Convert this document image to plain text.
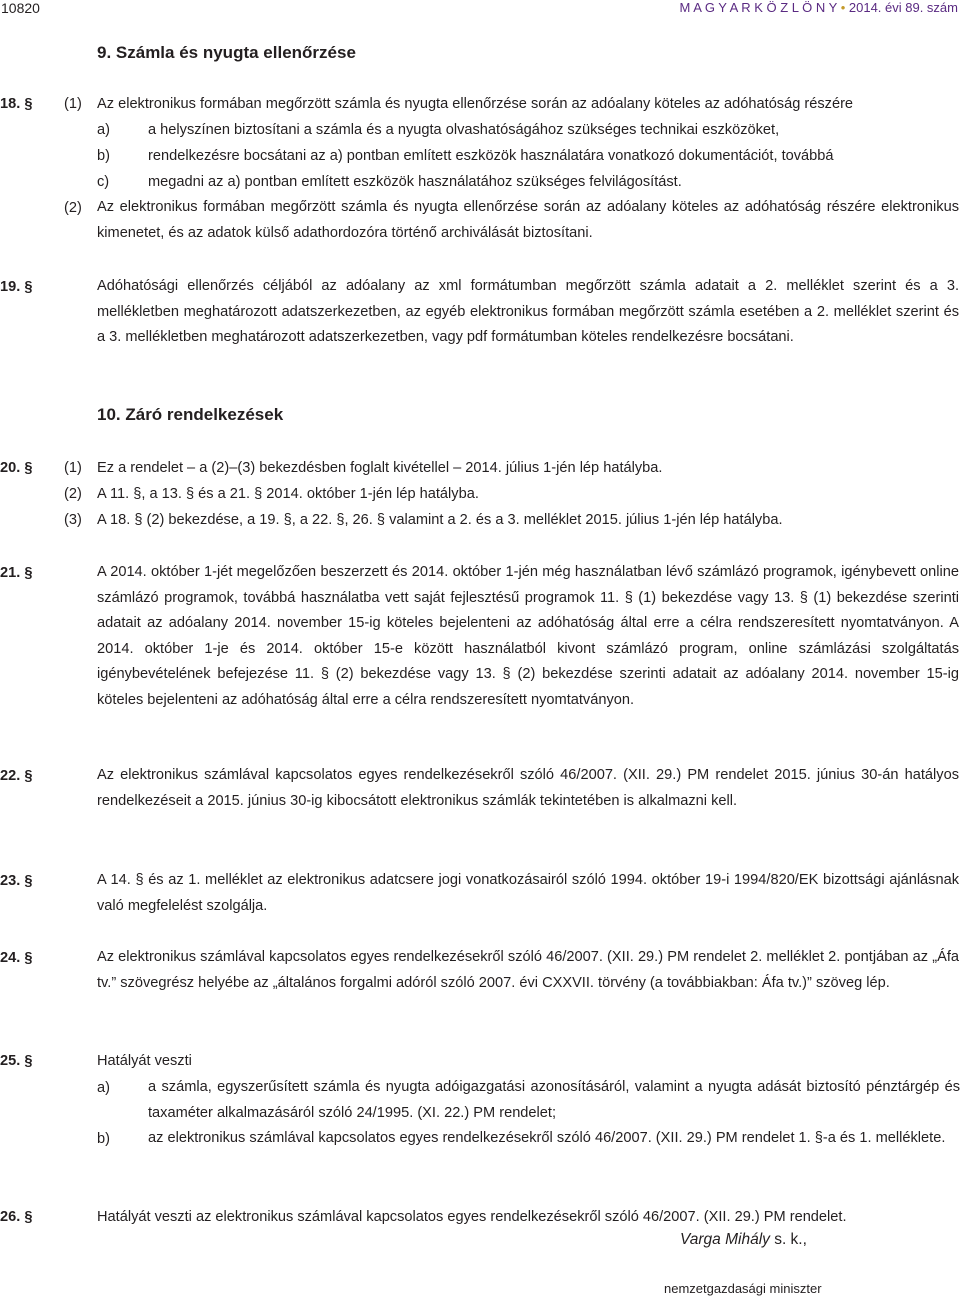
10820	M A G Y A R K Ö Z L Ö N Y • 2014. évi 89. szám
9. Számla és nyugta ellenőrzése
18. § (1) Az elektronikus formában megőrzött számla és nyugta ellenőrzése során az adóalany köteles az adóhatóság részére
a)	a helyszínen biztosítani a számla és a nyugta olvashatóságához szükséges technikai eszközöket,
b)	rendelkezésre bocsátani az a) pontban említett eszközök használatára vonatkozó dokumentációt, továbbá
c)	megadni az a) pontban említett eszközök használatához szükséges felvilágosítást.
(2) Az elektronikus formában megőrzött számla és nyugta ellenőrzése során az adóalany köteles az adóhatóság részére elektronikus kimenetet, és az adatok külső adathordozóra történő archiválását biztosítani.
19. §	Adóhatósági ellenőrzés céljából az adóalany az xml formátumban megőrzött számla adatait a 2. melléklet szerint és a 3. mellékletben meghatározott adatszerkezetben, az egyéb elektronikus formában megőrzött számla esetében a 2. melléklet szerint és a 3. mellékletben meghatározott adatszerkezetben, vagy pdf formátumban köteles rendelkezésre bocsátani.
10. Záró rendelkezések
20. § (1) Ez a rendelet – a (2)–(3) bekezdésben foglalt kivétellel – 2014. július 1-jén lép hatályba.
(2) A 11. §, a 13. § és a 21. § 2014. október 1-jén lép hatályba.
(3) A 18. § (2) bekezdése, a 19. §, a 22. §, 26. § valamint a 2. és a 3. melléklet 2015. július 1-jén lép hatályba.
21. §	A 2014. október 1-jét megelőzően beszerzett és 2014. október 1-jén még használatban lévő számlázó programok, igénybevett online számlázó programok, továbbá használatba vett saját fejlesztésű programok 11. § (1) bekezdése vagy 13. § (1) bekezdése szerinti adatait az adóalany 2014. november 15-ig köteles bejelenteni az adóhatóság által erre a célra rendszeresített nyomtatványon. A 2014. október 1-je és 2014. október 15-e között használatból kivont számlázó program, online számlázási szolgáltatás igénybevételének befejezése 11. § (2) bekezdése vagy 13. § (2) bekezdése szerinti adatait az adóalany 2014. november 15-ig köteles bejelenteni az adóhatóság által erre a célra rendszeresített nyomtatványon.
22. §	Az elektronikus számlával kapcsolatos egyes rendelkezésekről szóló 46/2007. (XII. 29.) PM rendelet 2015. június 30-án hatályos rendelkezéseit a 2015. június 30-ig kibocsátott elektronikus számlák tekintetében is alkalmazni kell.
23. §	A 14. § és az 1. melléklet az elektronikus adatcsere jogi vonatkozásairól szóló 1994. október 19-i 1994/820/EK bizottsági ajánlásnak való megfelelést szolgálja.
24. §	Az elektronikus számlával kapcsolatos egyes rendelkezésekről szóló 46/2007. (XII. 29.) PM rendelet 2. melléklet 2. pontjában az „Áfa tv.” szövegrész helyébe az „általános forgalmi adóról szóló 2007. évi CXXVII. törvény (a továbbiakban: Áfa tv.)” szöveg lép.
25. §	Hatályát veszti
a)	a számla, egyszerűsített számla és nyugta adóigazgatási azonosításáról, valamint a nyugta adását biztosító pénztárgép és taxaméter alkalmazásáról szóló 24/1995. (XI. 22.) PM rendelet;
b)	az elektronikus számlával kapcsolatos egyes rendelkezésekről szóló 46/2007. (XII. 29.) PM rendelet 1. §-a és 1. melléklete.
26. §	Hatályát veszti az elektronikus számlával kapcsolatos egyes rendelkezésekről szóló 46/2007. (XII. 29.) PM rendelet.
Varga Mihály s. k.,
nemzetgazdasági miniszter
